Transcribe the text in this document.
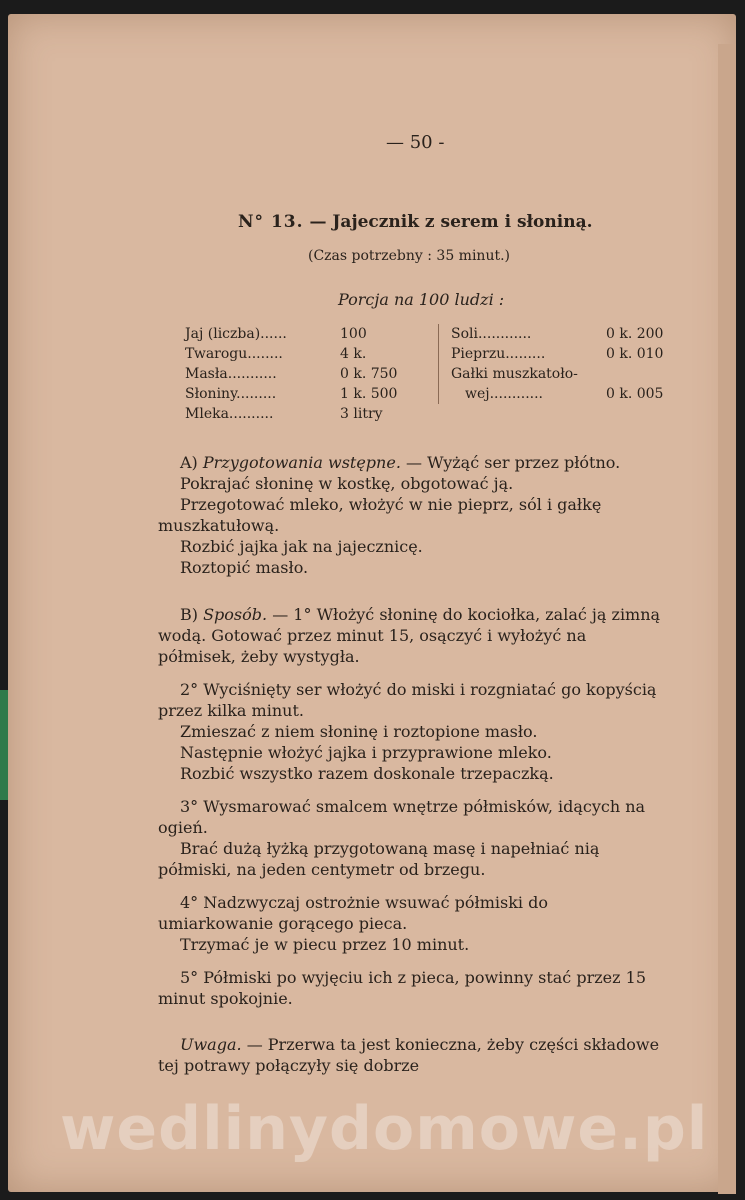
— 50 -
N° 13. — Jajecznik z serem i słoniną.
(Czas potrzebny : 35 minut.)
Porcja na 100 ludzi :
Jaj (liczba)......	100
Twarogu........	4 k.
Masła...........	0 k. 750
Słoniny.........	1 k. 500
Mleka..........	3 litry
Soli............	0 k. 200
Pieprzu.........	0 k. 010
Gałki muszkatoło-
wej............	0 k. 005

A) Przygotowania wstępne. — Wyżąć ser przez płótno.

Pokrajać słoninę w kostkę, obgotować ją.

Przegotować mleko, włożyć w nie pieprz, sól i gałkę muszkatułową.

Rozbić jajka jak na jajecznicę.

Roztopić masło.

B) Sposób. — 1° Włożyć słoninę do kociołka, zalać ją zimną wodą. Gotować przez minut 15, osączyć i wyłożyć na półmisek, żeby wystygła.

2° Wyciśnięty ser włożyć do miski i rozgniatać go kopyścią przez kilka minut.

Zmieszać z niem słoninę i roztopione masło.

Następnie włożyć jajka i przyprawione mleko.

Rozbić wszystko razem doskonale trzepaczką.

3° Wysmarować smalcem wnętrze półmisków, idących na ogień.

Brać dużą łyżką przygotowaną masę i napełniać nią półmiski, na jeden centymetr od brzegu.

4° Nadzwyczaj ostrożnie wsuwać półmiski do umiarkowanie gorącego pieca.

Trzymać je w piecu przez 10 minut.

5° Półmiski po wyjęciu ich z pieca, powinny stać przez 15 minut spokojnie.

Uwaga. — Przerwa ta jest konieczna, żeby części składowe tej potrawy połączyły się dobrze

wedlinydomowe.pl
